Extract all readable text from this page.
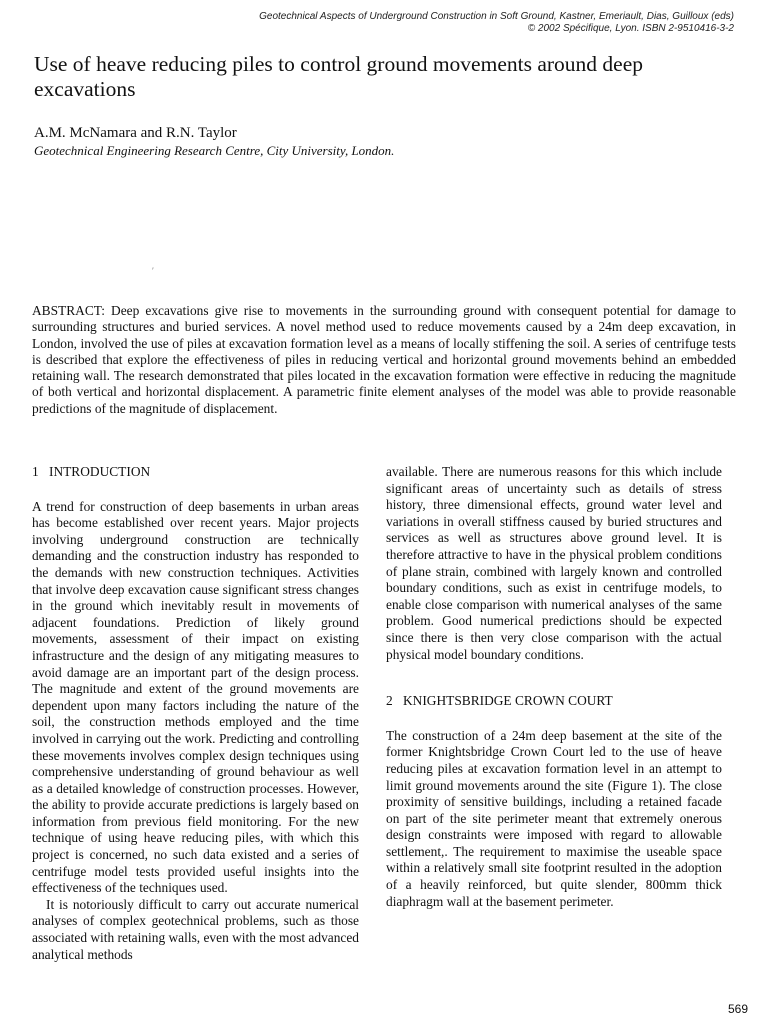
Geotechnical Aspects of Underground Construction in Soft Ground, Kastner, Emeriault, Dias, Guilloux (eds)
© 2002 Spécifique, Lyon. ISBN 2-9510416-3-2
Use of heave reducing piles to control ground movements around deep excavations
A.M. McNamara and R.N. Taylor
Geotechnical Engineering Research Centre, City University, London.
′

ABSTRACT: Deep excavations give rise to movements in the surrounding ground with consequent potential for damage to surrounding structures and buried services. A novel method used to reduce movements caused by a 24m deep excavation, in London, involved the use of piles at excavation formation level as a means of locally stiffening the soil. A series of centrifuge tests is described that explore the effectiveness of piles in reducing vertical and horizontal ground movements behind an embedded retaining wall. The research demonstrated that piles located in the excavation formation were effective in reducing the magnitude of both vertical and horizontal displacement. A parametric finite element analyses of the model was able to provide reasonable predictions of the magnitude of displacement.

1 INTRODUCTION

A trend for construction of deep basements in urban areas has become established over recent years. Major projects involving underground construction are technically demanding and the construction industry has responded to the demands with new construction techniques. Activities that involve deep excavation cause significant stress changes in the ground which inevitably result in movements of adjacent foundations. Prediction of likely ground movements, assessment of their impact on existing infrastructure and the design of any mitigating measures to avoid damage are an important part of the design process. The magnitude and extent of the ground movements are dependent upon many factors including the nature of the soil, the construction methods employed and the time involved in carrying out the work. Predicting and controlling these movements involves complex design techniques using comprehensive understanding of ground behaviour as well as a detailed knowledge of construction processes. However, the ability to provide accurate predictions is largely based on information from previous field monitoring. For the new technique of using heave reducing piles, with which this project is concerned, no such data existed and a series of centrifuge model tests provided useful insights into the effectiveness of the techniques used.

It is notoriously difficult to carry out accurate numerical analyses of complex geotechnical problems, such as those associated with retaining walls, even with the most advanced analytical methods

available. There are numerous reasons for this which include significant areas of uncertainty such as details of stress history, three dimensional effects, ground water level and variations in overall stiffness caused by buried structures and services as well as structures above ground level. It is therefore attractive to have in the physical problem conditions of plane strain, combined with largely known and controlled boundary conditions, such as exist in centrifuge models, to enable close comparison with numerical analyses of the same problem. Good numerical predictions should be expected since there is then very close comparison with the actual physical model boundary conditions.

2 KNIGHTSBRIDGE CROWN COURT

The construction of a 24m deep basement at the site of the former Knightsbridge Crown Court led to the use of heave reducing piles at excavation formation level in an attempt to limit ground movements around the site (Figure 1). The close proximity of sensitive buildings, including a retained facade on part of the site perimeter meant that extremely onerous design constraints were imposed with regard to allowable settlement,. The requirement to maximise the useable space within a relatively small site footprint resulted in the adoption of a heavily reinforced, but quite slender, 800mm thick diaphragm wall at the basement perimeter.

569
